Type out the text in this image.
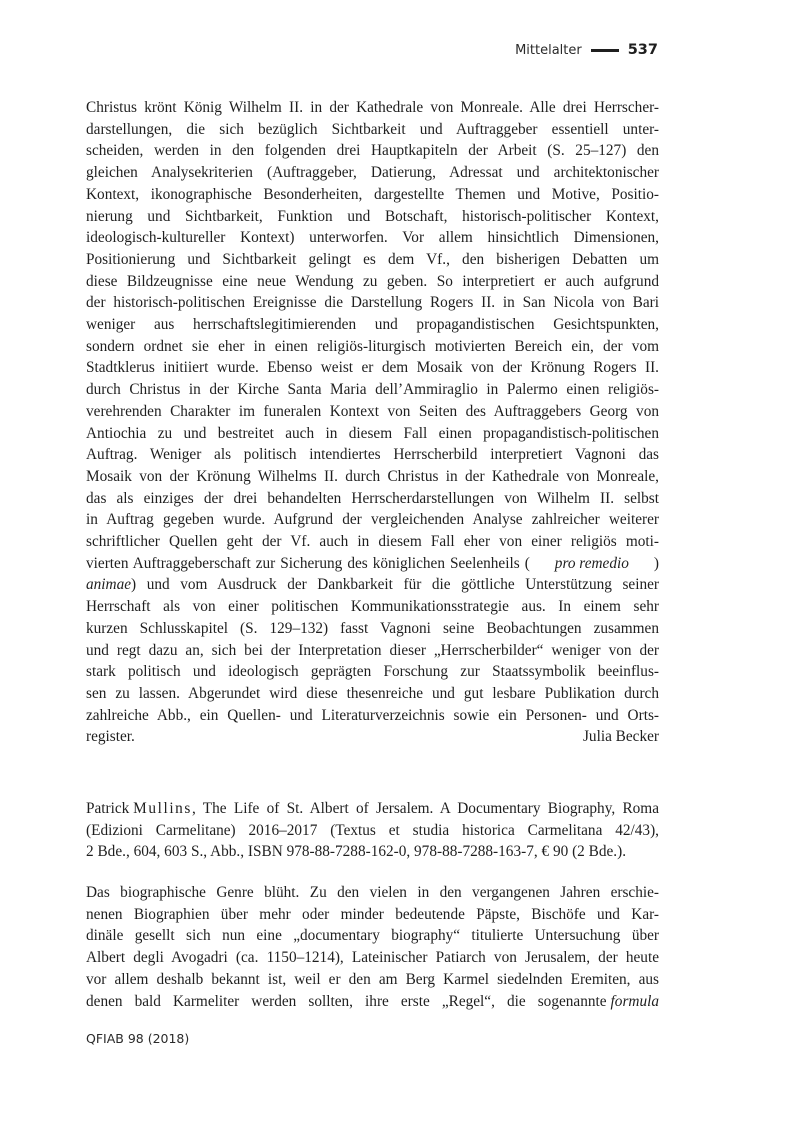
Mittelalter	537
Christus krönt König Wilhelm II. in der Kathedrale von Monreale. Alle drei Herrscher-
darstellungen, die sich bezüglich Sichtbarkeit und Auftraggeber essentiell unter-
scheiden, werden in den folgenden drei Hauptkapiteln der Arbeit (S. 25–127) den
gleichen Analysekriterien (Auftraggeber, Datierung, Adressat und architektonischer
Kontext, ikonographische Besonderheiten, dargestellte Themen und Motive, Positio-
nierung und Sichtbarkeit, Funktion und Botschaft, historisch-politischer Kontext,
ideologisch-kultureller Kontext) unterworfen. Vor allem hinsichtlich Dimensionen,
Positionierung und Sichtbarkeit gelingt es dem Vf., den bisherigen Debatten um
diese Bildzeugnisse eine neue Wendung zu geben. So interpretiert er auch aufgrund
der historisch-politischen Ereignisse die Darstellung Rogers II. in San Nicola von Bari
weniger aus herrschaftslegitimierenden und propagandistischen Gesichtspunkten,
sondern ordnet sie eher in einen religiös-liturgisch motivierten Bereich ein, der vom
Stadtklerus initiiert wurde. Ebenso weist er dem Mosaik von der Krönung Rogers II.
durch Christus in der Kirche Santa Maria dell’Ammiraglio in Palermo einen religiös-
verehrenden Charakter im funeralen Kontext von Seiten des Auftraggebers Georg von
Antiochia zu und bestreitet auch in diesem Fall einen propagandistisch-politischen
Auftrag. Weniger als politisch intendiertes Herrscherbild interpretiert Vagnoni das
Mosaik von der Krönung Wilhelms II. durch Christus in der Kathedrale von Monreale,
das als einziges der drei behandelten Herrscherdarstellungen von Wilhelm II. selbst
in Auftrag gegeben wurde. Aufgrund der vergleichenden Analyse zahlreicher weiterer
schriftlicher Quellen geht der Vf. auch in diesem Fall eher von einer religiös moti-
vierten Auftraggeberschaft zur Sicherung des königlichen Seelenheils ( pro remedio )
animae ) und vom Ausdruck der Dankbarkeit für die göttliche Unterstützung seiner
Herrschaft als von einer politischen Kommunikationsstrategie aus. In einem sehr
kurzen Schlusskapitel (S. 129–132) fasst Vagnoni seine Beobachtungen zusammen
und regt dazu an, sich bei der Interpretation dieser „Herrscherbilder“ weniger von der
stark politisch und ideologisch geprägten Forschung zur Staatssymbolik beeinflus-
sen zu lassen. Abgerundet wird diese thesenreiche und gut lesbare Publikation durch
zahlreiche Abb., ein Quellen- und Literaturverzeichnis sowie ein Personen- und Orts-
register.	Julia Becker
Patrick
Mullins , The Life of St. Albert of Jersalem. A Documentary Biography, Roma
(Edizioni Carmelitane) 2016–2017 (Textus et studia historica Carmelitana 42/43),
2 Bde., 604, 603 S., Abb., ISBN 978-88-7288-162-0, 978-88-7288-163-7, € 90 (2 Bde.).
Das biographische Genre blüht. Zu den vielen in den vergangenen Jahren erschie-
nenen Biographien über mehr oder minder bedeutende Päpste, Bischöfe und Kar-
dinäle gesellt sich nun eine „documentary biography“ titulierte Untersuchung über
Albert degli Avogadri (ca. 1150–1214), Lateinischer Patiarch von Jerusalem, der heute
vor allem deshalb bekannt ist, weil er den am Berg Karmel siedelnden Eremiten, aus
denen bald Karmeliter werden sollten, ihre erste „Regel“, die sogenannte formula
QFIAB 98 (2018)
